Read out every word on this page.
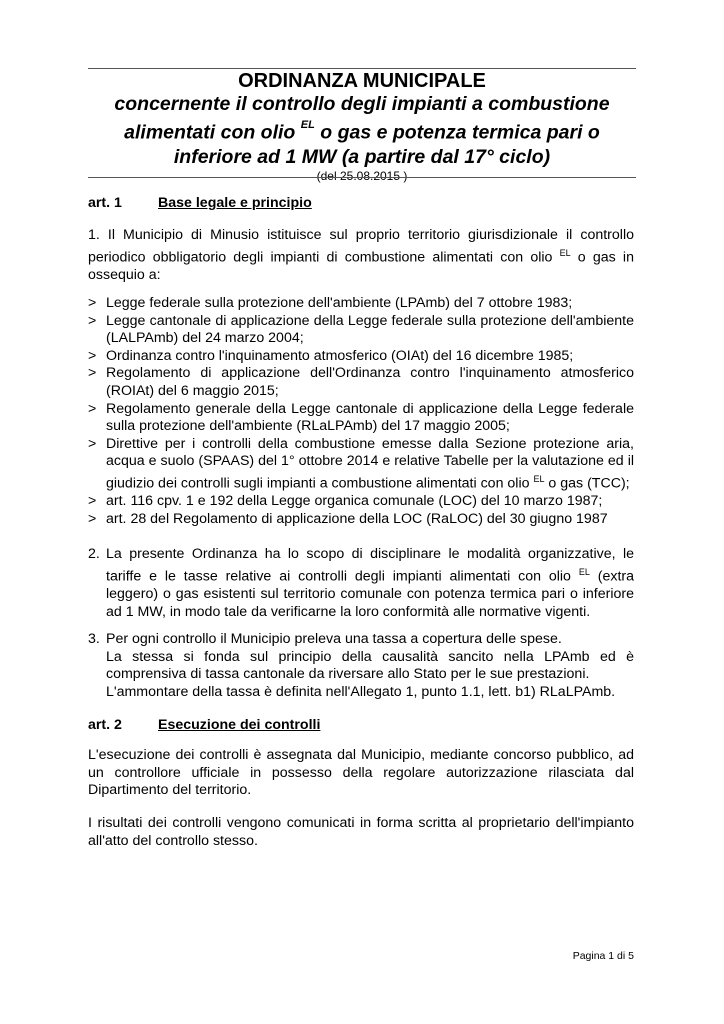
ORDINANZA MUNICIPALE
concernente il controllo degli impianti a combustione
alimentati con olio $^{EL}$ o gas e potenza termica pari o
inferiore ad 1 MW (a partire dal 17° ciclo)
(del 25.08.2015 )
art. 1	Base legale e principio
1. Il Municipio di Minusio istituisce sul proprio territorio giurisdizionale il controllo periodico obbligatorio degli impianti di combustione alimentati con olio $^{EL}$ o gas in ossequio a:
> Legge federale sulla protezione dell'ambiente (LPAmb) del 7 ottobre 1983;
> Legge cantonale di applicazione della Legge federale sulla protezione dell'ambiente (LALPAmb) del 24 marzo 2004;
> Ordinanza contro l'inquinamento atmosferico (OIAt) del 16 dicembre 1985;
> Regolamento di applicazione dell'Ordinanza contro l'inquinamento atmosferico (ROIAt) del 6 maggio 2015;
> Regolamento generale della Legge cantonale di applicazione della Legge federale sulla protezione dell'ambiente (RLaLPAmb) del 17 maggio 2005;
> Direttive per i controlli della combustione emesse dalla Sezione protezione aria, acqua e suolo (SPAAS) del 1° ottobre 2014 e relative Tabelle per la valutazione ed il giudizio dei controlli sugli impianti a combustione alimentati con olio $^{EL}$ o gas (TCC);
> art. 116 cpv. 1 e 192 della Legge organica comunale (LOC) del 10 marzo 1987;
> art. 28 del Regolamento di applicazione della LOC (RaLOC) del 30 giugno 1987
2. La presente Ordinanza ha lo scopo di disciplinare le modalità organizzative, le tariffe e le tasse relative ai controlli degli impianti alimentati con olio $^{EL}$ (extra leggero) o gas esistenti sul territorio comunale con potenza termica pari o inferiore ad 1 MW, in modo tale da verificarne la loro conformità alle normative vigenti.
3. Per ogni controllo il Municipio preleva una tassa a copertura delle spese.
La stessa si fonda sul principio della causalità sancito nella LPAmb ed è comprensiva di tassa cantonale da riversare allo Stato per le sue prestazioni.
L'ammontare della tassa è definita nell'Allegato 1, punto 1.1, lett. b1) RLaLPAmb.
art. 2	Esecuzione dei controlli
L'esecuzione dei controlli è assegnata dal Municipio, mediante concorso pubblico, ad un controllore ufficiale in possesso della regolare autorizzazione rilasciata dal Dipartimento del territorio.
I risultati dei controlli vengono comunicati in forma scritta al proprietario dell'impianto all'atto del controllo stesso.
Pagina 1 di 5
